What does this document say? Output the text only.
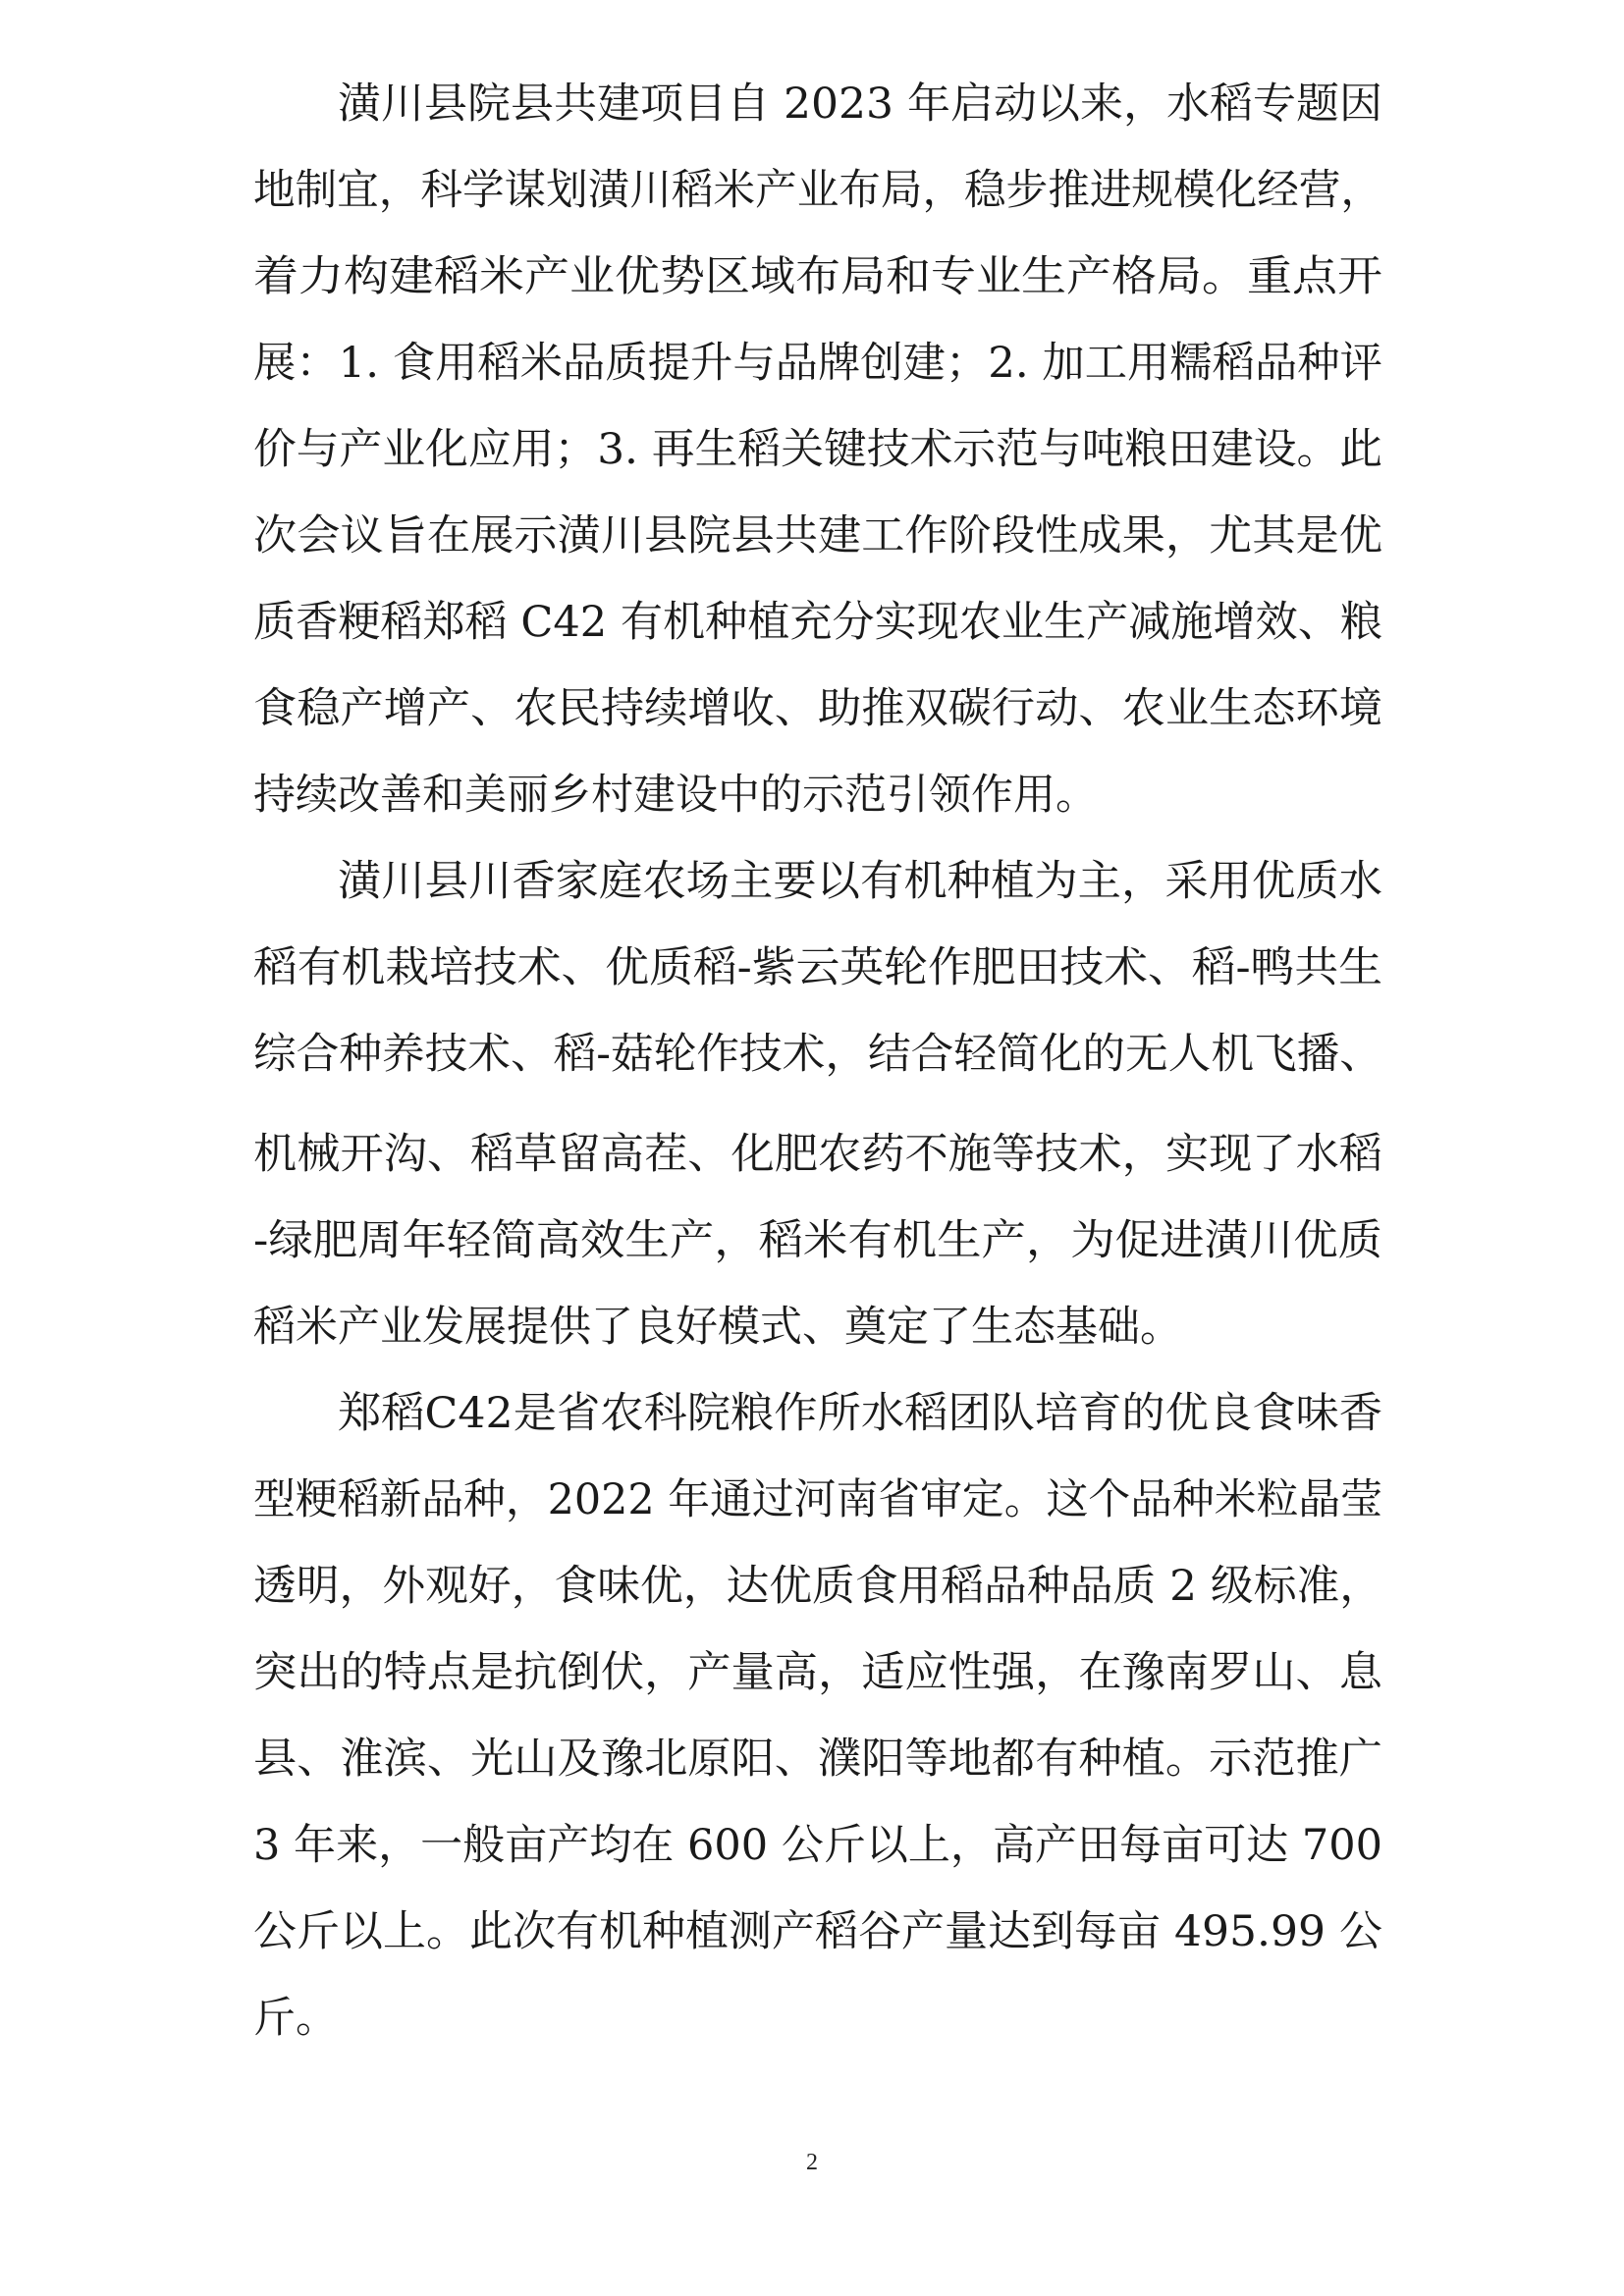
潢川县院县共建项目自 2023 年启动以来，水稻专题因
地制宜，科学谋划潢川稻米产业布局，稳步推进规模化经营，
着力构建稻米产业优势区域布局和专业生产格局。重点开
展：1. 食用稻米品质提升与品牌创建；2. 加工用糯稻品种评
价与产业化应用；3. 再生稻关键技术示范与吨粮田建设。此
次会议旨在展示潢川县院县共建工作阶段性成果，尤其是优
质香粳稻郑稻 C42 有机种植充分实现农业生产减施增效、粮
食稳产增产、农民持续增收、助推双碳行动、农业生态环境
持续改善和美丽乡村建设中的示范引领作用。
潢川县川香家庭农场主要以有机种植为主，采用优质水
稻有机栽培技术、优质稻-紫云英轮作肥田技术、稻-鸭共生
综合种养技术、稻-菇轮作技术，结合轻简化的无人机飞播、
机械开沟、稻草留高茬、化肥农药不施等技术，实现了水稻
-绿肥周年轻简高效生产，稻米有机生产，为促进潢川优质
稻米产业发展提供了良好模式、奠定了生态基础。
郑稻C42是省农科院粮作所水稻团队培育的优良食味香
型粳稻新品种，2022 年通过河南省审定。这个品种米粒晶莹
透明，外观好，食味优，达优质食用稻品种品质 2 级标准，
突出的特点是抗倒伏，产量高，适应性强，在豫南罗山、息
县、淮滨、光山及豫北原阳、濮阳等地都有种植。示范推广
3 年来，一般亩产均在 600 公斤以上，高产田每亩可达 700
公斤以上。此次有机种植测产稻谷产量达到每亩 495.99 公
斤。
2
